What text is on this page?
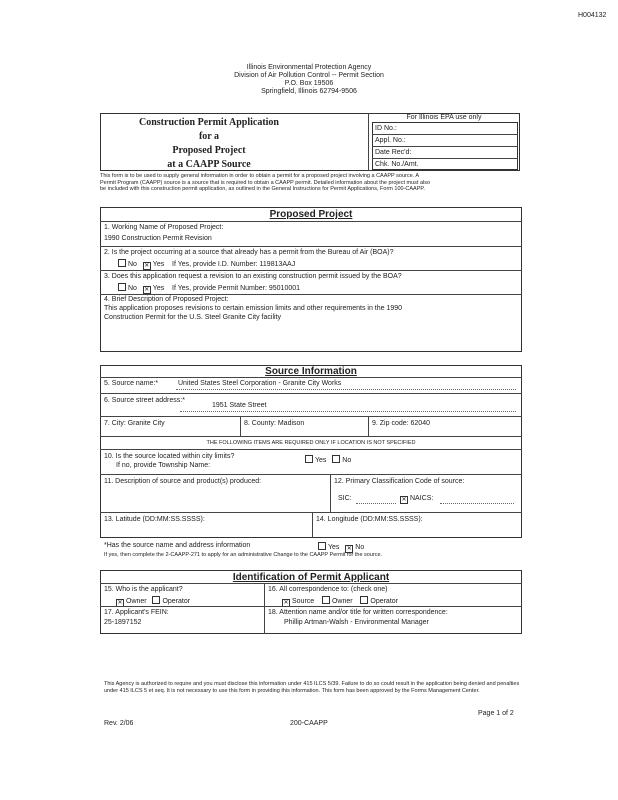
H004132
Illinois Environmental Protection Agency
Division of Air Pollution Control -- Permit Section
P.O. Box 19506
Springfield, Illinois 62794-9506
Construction Permit Application
for a
Proposed Project
at a CAAPP Source
For Illinois EPA use only
ID No.:
Appl. No.:
Date Rec'd:
Chk. No./Amt.
This form is to be used to supply general information in order to obtain a permit for a proposed project involving a CAAPP source. A
Permit Program (CAAPP) source is a source that is required to obtain a CAAPP permit. Detailed information about the project must also
be included with this construction permit application, as outlined in the General Instructions for Permit Applications, Form 100-CAAPP.
Proposed Project
1. Working Name of Proposed Project:
1990 Construction Permit Revision
2. Is the project occurring at a source that already has a permit from the Bureau of Air (BOA)?
No ✕ Yes If Yes, provide I.D. Number: 119813AAJ
3. Does this application request a revision to an existing construction permit issued by the BOA?
No ✕ Yes If Yes, provide Permit Number: 95010001
4. Brief Description of Proposed Project:
This application proposes revisions to certain emission limits and other requirements in the 1990
Construction Permit for the U.S. Steel Granite City facility
Source Information
5. Source name:*	United States Steel Corporation - Granite City Works
6. Source street address:*
1951 State Street
7. City: Granite City	8. County: Madison	9. Zip code: 62040
THE FOLLOWING ITEMS ARE REQUIRED ONLY IF LOCATION IS NOT SPECIFIED
10. Is the source located within city limits?
If no, provide Township Name:
Yes No
11. Description of source and product(s) produced:	12. Primary Classification Code of source:
SIC:	✕ NAICS:
13. Latitude (DD:MM:SS.SSSS):	14. Longitude (DD:MM:SS.SSSS):
*Has the source name and address information	Yes ✕ No
If yes, then complete the 2-CAAPP-271 to apply for an administrative Change to the CAAPP Permit for the source.
Identification of Permit Applicant
15. Who is the applicant?
✕ Owner Operator
16. All correspondence to: (check one)
✕ Source	Owner	Operator
17. Applicant's FEIN:
25-1897152
18. Attention name and/or title for written correspondence:
Phillip Artman-Walsh - Environmental Manager
This Agency is authorized to require and you must disclose this information under 415 ILCS 5/39. Failure to do so could result in the application being denied and penalties
under 415 ILCS 5 et seq. It is not necessary to use this form in providing this information. This form has been approved by the Forms Management Center.
Page 1 of 2
Rev. 2/06	200-CAAPP
